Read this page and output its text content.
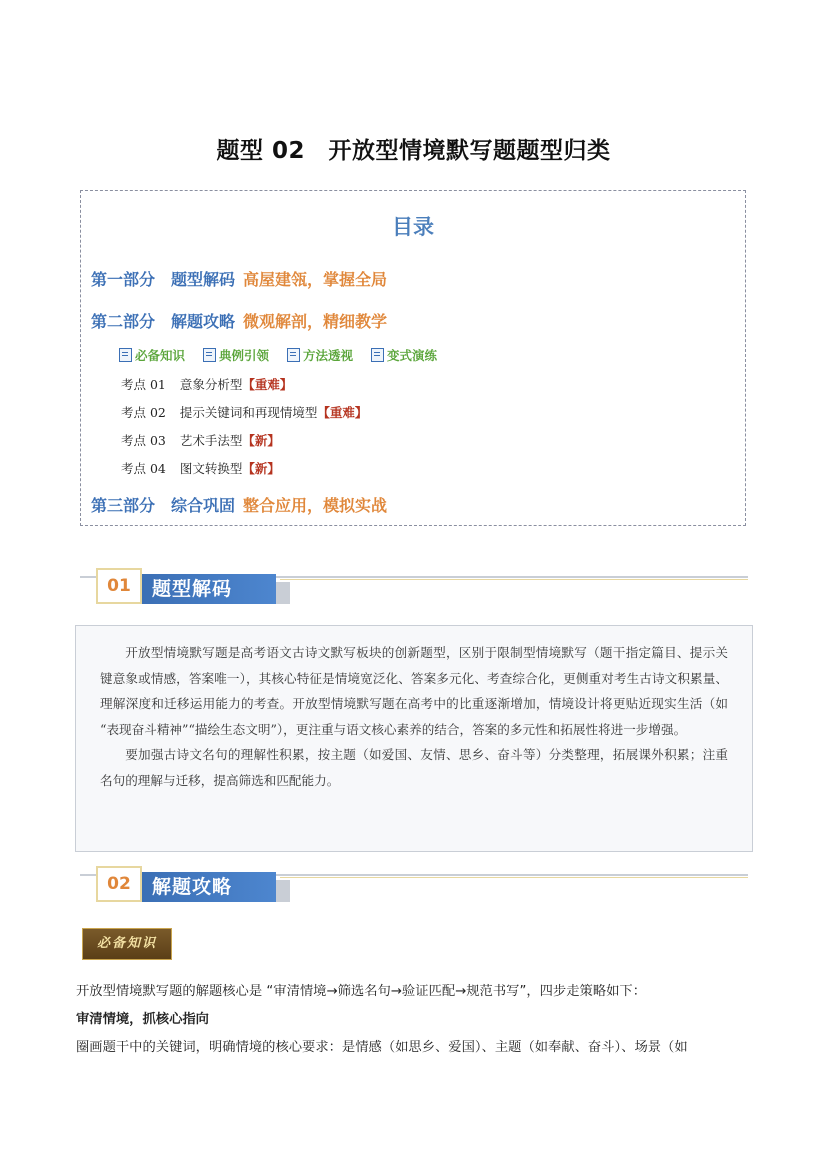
题型 02　开放型情境默写题题型归类
目录
第一部分　题型解码 高屋建瓴，掌握全局
第二部分　解题攻略 微观解剖，精细教学
必备知识	典例引领	方法透视	变式演练
考点 01 意象分析型【重难】
考点 02 提示关键词和再现情境型【重难】
考点 03 艺术手法型【新】
考点 04 图文转换型【新】
第三部分　综合巩固 整合应用，模拟实战
01	题型解码

开放型情境默写题是高考语文古诗文默写板块的创新题型，区别于限制型情境默写（题干指定篇目、提示关键意象或情感，答案唯一），其核心特征是情境宽泛化、答案多元化、考查综合化，更侧重对考生古诗文积累量、理解深度和迁移运用能力的考查。开放型情境默写题在高考中的比重逐渐增加，情境设计将更贴近现实生活（如 “表现奋斗精神”“描绘生态文明”），更注重与语文核心素养的结合，答案的多元性和拓展性将进一步增强。

要加强古诗文名句的理解性积累，按主题（如爱国、友情、思乡、奋斗等）分类整理，拓展课外积累；注重名句的理解与迁移，提高筛选和匹配能力。

02	解题攻略
必备知识
开放型情境默写题的解题核心是 “审清情境→筛选名句→验证匹配→规范书写”，四步走策略如下：
审清情境，抓核心指向
圈画题干中的关键词，明确情境的核心要求：是情感（如思乡、爱国）、主题（如奉献、奋斗）、场景（如
